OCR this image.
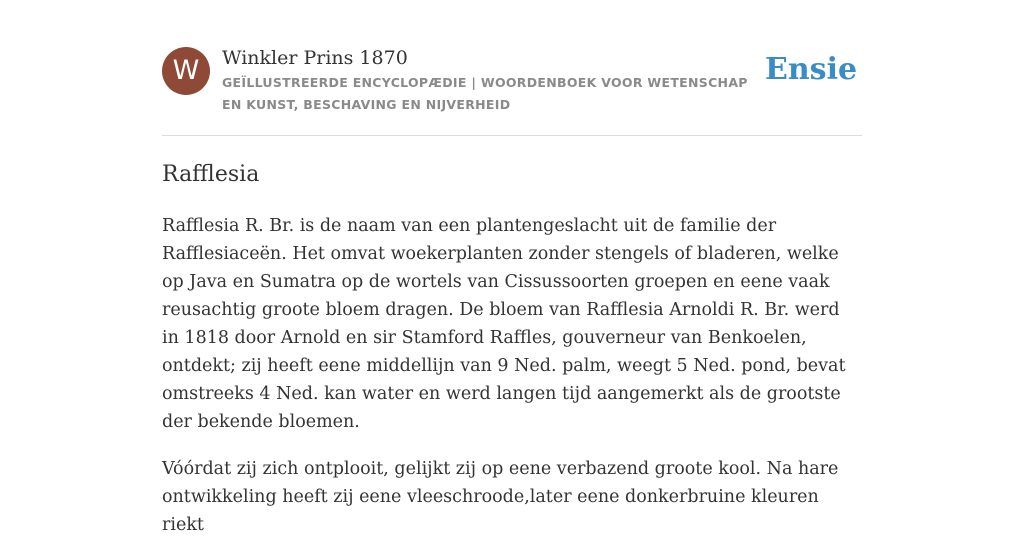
W	Winkler Prins 1870
GEÏLLUSTREERDE ENCYCLOPÆDIE | WOORDENBOEK VOOR WETENSCHAP EN KUNST, BESCHAVING EN NIJVERHEID
Ensie
Rafflesia

Rafflesia R. Br. is de naam van een plantengeslacht uit de familie der Rafflesiaceën. Het omvat woekerplanten zonder stengels of bladeren, welke op Java en Sumatra op de wortels van Cissussoorten groepen en eene vaak reusachtig groote bloem dragen. De bloem van Rafflesia Arnoldi R. Br. werd in 1818 door Arnold en sir Stamford Raffles, gouverneur van Benkoelen, ontdekt; zij heeft eene middellijn van 9 Ned. palm, weegt 5 Ned. pond, bevat omstreeks 4 Ned. kan water en werd langen tijd aangemerkt als de grootste der bekende bloemen.

Vóórdat zij zich ontplooit, gelijkt zij op eene verbazend groote kool. Na hare ontwikkeling heeft zij eene vleeschroode,later eene donkerbruine kleuren riekt
